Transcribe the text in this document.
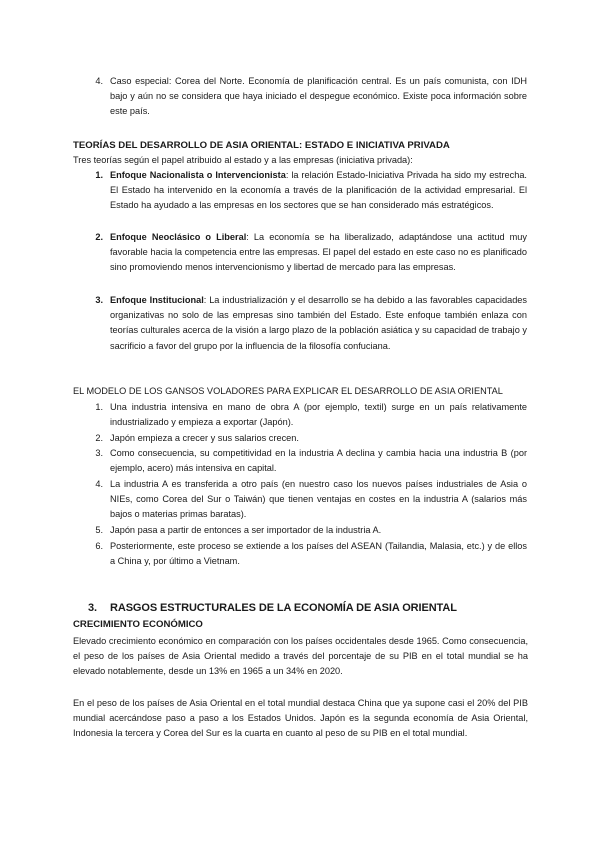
4. Caso especial: Corea del Norte. Economía de planificación central. Es un país comunista, con IDH bajo y aún no se considera que haya iniciado el despegue económico. Existe poca información sobre este país.
TEORÍAS DEL DESARROLLO DE ASIA ORIENTAL: ESTADO E INICIATIVA PRIVADA
Tres teorías según el papel atribuido al estado y a las empresas (iniciativa privada):
1. Enfoque Nacionalista o Intervencionista: la relación Estado-Iniciativa Privada ha sido my estrecha. El Estado ha intervenido en la economía a través de la planificación de la actividad empresarial. El Estado ha ayudado a las empresas en los sectores que se han considerado más estratégicos.
2. Enfoque Neoclásico o Liberal: La economía se ha liberalizado, adaptándose una actitud muy favorable hacia la competencia entre las empresas. El papel del estado en este caso no es planificado sino promoviendo menos intervencionismo y libertad de mercado para las empresas.
3. Enfoque Institucional: La industrialización y el desarrollo se ha debido a las favorables capacidades organizativas no solo de las empresas sino también del Estado. Este enfoque también enlaza con teorías culturales acerca de la visión a largo plazo de la población asiática y su capacidad de trabajo y sacrificio a favor del grupo por la influencia de la filosofía confuciana.
EL MODELO DE LOS GANSOS VOLADORES PARA EXPLICAR EL DESARROLLO DE ASIA ORIENTAL
1. Una industria intensiva en mano de obra A (por ejemplo, textil) surge en un país relativamente industrializado y empieza a exportar (Japón).
2. Japón empieza a crecer y sus salarios crecen.
3. Como consecuencia, su competitividad en la industria A declina y cambia hacia una industria B (por ejemplo, acero) más intensiva en capital.
4. La industria A es transferida a otro país (en nuestro caso los nuevos países industriales de Asia o NIEs, como Corea del Sur o Taiwán) que tienen ventajas en costes en la industria A (salarios más bajos o materias primas baratas).
5. Japón pasa a partir de entonces a ser importador de la industria A.
6. Posteriormente, este proceso se extiende a los países del ASEAN (Tailandia, Malasia, etc.) y de ellos a China y, por último a Vietnam.
3. RASGOS ESTRUCTURALES DE LA ECONOMÍA DE ASIA ORIENTAL
CRECIMIENTO ECONÓMICO
Elevado crecimiento económico en comparación con los países occidentales desde 1965. Como consecuencia, el peso de los países de Asia Oriental medido a través del porcentaje de su PIB en el total mundial se ha elevado notablemente, desde un 13% en 1965 a un 34% en 2020.
En el peso de los países de Asia Oriental en el total mundial destaca China que ya supone casi el 20% del PIB mundial acercándose paso a paso a los Estados Unidos. Japón es la segunda economía de Asia Oriental, Indonesia la tercera y Corea del Sur es la cuarta en cuanto al peso de su PIB en el total mundial.
